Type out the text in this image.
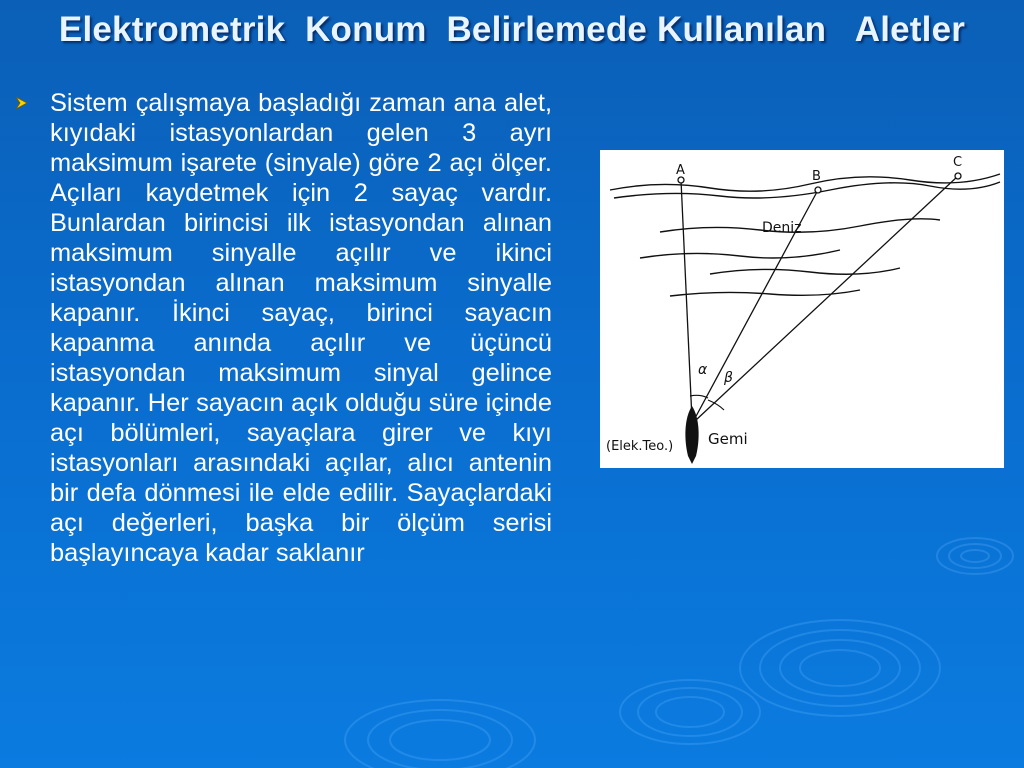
Elektrometrik  Konum  Belirlemede Kullanılan   Aletler
Sistem çalışmaya başladığı zaman ana alet, kıyıdaki istasyonlardan gelen 3 ayrı maksimum işarete (sinyale) göre 2 açı ölçer. Açıları kaydetmek için 2 sayaç vardır. Bunlardan birincisi ilk istasyondan alınan maksimum sinyalle açılır ve ikinci istasyondan alınan maksimum sinyalle kapanır. İkinci sayaç, birinci sayacın kapanma anında açılır ve üçüncü istasyondan maksimum sinyal gelince kapanır. Her sayacın açık olduğu süre içinde açı bölümleri, sayaçlara girer ve kıyı istasyonları arasındaki açılar, alıcı antenin bir defa dönmesi ile elde edilir. Sayaçlardaki açı değerleri, başka bir ölçüm serisi başlayıncaya kadar saklanır
A	B
C
Deniz
α β
(Elek.Teo.) Gemi
